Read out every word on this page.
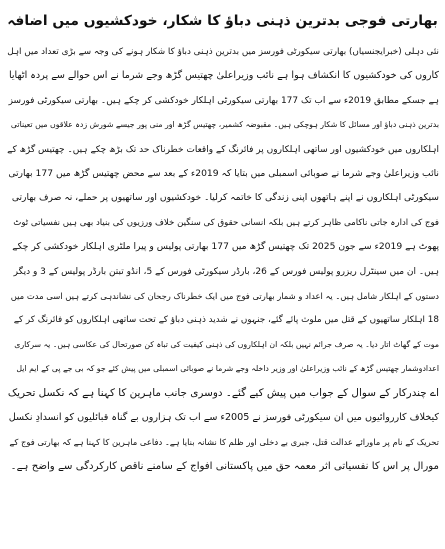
بھارتی فوجی بدترین ذہنی دباؤ کا شکار، خودکشیوں میں اضافہ
نئی دہلی (خبرایجنسیاں) بھارتی سیکورٹی فورسز میں بدترین ذہنی دباؤ کا شکار ہونے کی وجہ سے بڑی تعداد میں اہل
کاروں کی خودکشیوں کا انکشاف ہوا ہے نائب وزیراعلیٰ چھتیس گڑھ وجے شرما نے اس حوالے سے پردہ اٹھایا
ہے جسکے مطابق 2019ء سے اب تک 177 بھارتی سیکورٹی اہلکار خودکشی کر چکے ہیں۔ بھارتی سیکورٹی فورسز
بدترین ذہنی دباؤ اور مسائل کا شکار ہوچکی ہیں۔ مقبوضہ کشمیر، چھتیس گڑھ اور منی پور جیسے شورش زدہ علاقوں میں تعیناتی
اہلکاروں میں خودکشیوں اور ساتھی اہلکاروں پر فائرنگ کے واقعات خطرناک حد تک بڑھ چکے ہیں۔ چھتیس گڑھ کے
نائب وزیراعلیٰ وجے شرما نے صوبائی اسمبلی میں بتایا کہ 2019ء کے بعد سے محض چھتیس گڑھ میں 177 بھارتی
سیکورٹی اہلکاروں نے اپنے ہاتھوں اپنی زندگی کا خاتمہ کرلیا۔ خودکشیوں اور ساتھیوں پر حملے، نہ صرف بھارتی
فوج کی ادارہ جاتی ناکامی ظاہر کرتے ہیں بلکہ انسانی حقوق کی سنگین خلاف ورزیوں کی بنیاد بھی ہیں نفسیاتی ٹوٹ
پھوٹ ہے 2019ء سے جون 2025 تک چھتیس گڑھ میں 177 بھارتی پولیس و پیرا ملٹری اہلکار خودکشی کر چکے
ہیں۔ ان میں سینٹرل ریزرو پولیس فورس کے 26، بارڈر سیکورٹی فورس کے 5، انڈو تبتن بارڈر پولیس کے 3 و دیگر
دستوں کے اہلکار شامل ہیں۔ یہ اعداد و شمار بھارتی فوج میں ایک خطرناک رجحان کی نشاندہی کرتے ہیں اسی مدت میں
18 اہلکار ساتھیوں کے قتل میں ملوث پائے گئے، جنہوں نے شدید ذہنی دباؤ کے تحت ساتھی اہلکاروں کو فائرنگ کر کے
موت کے گھاٹ اتار دیا۔ یہ صرف جرائم نہیں بلکہ ان اہلکاروں کی ذہنی کیفیت کی تباہ کن صورتحال کی عکاسی ہیں۔ یہ سرکاری
اعدادوشمار چھتیس گڑھ کے نائب وزیراعلیٰ اور وزیر داخلہ وجے شرما نے صوبائی اسمبلی میں پیش کئے جو کہ بی جے پی کے ایم ایل
اے چندرکار کے سوال کے جواب میں پیش کیے گئے۔ دوسری جانب ماہرین کا کہنا ہے کہ نکسل تحریک
کیخلاف کارروائیوں میں ان سیکورٹی فورسز نے 2005ء سے اب تک ہزاروں بے گناہ قبائلیوں کو انسدادِ نکسل
تحریک کے نام پر ماورائے عدالت قتل، جبری بے دخلی اور ظلم کا نشانہ بنایا ہے۔ دفاعی ماہرین کا کہنا ہے کہ بھارتی فوج کے
مورال پر اس کا نفسیاتی اثر معمہ حق میں پاکستانی افواج کے سامنے ناقص کارکردگی سے واضح ہے۔
